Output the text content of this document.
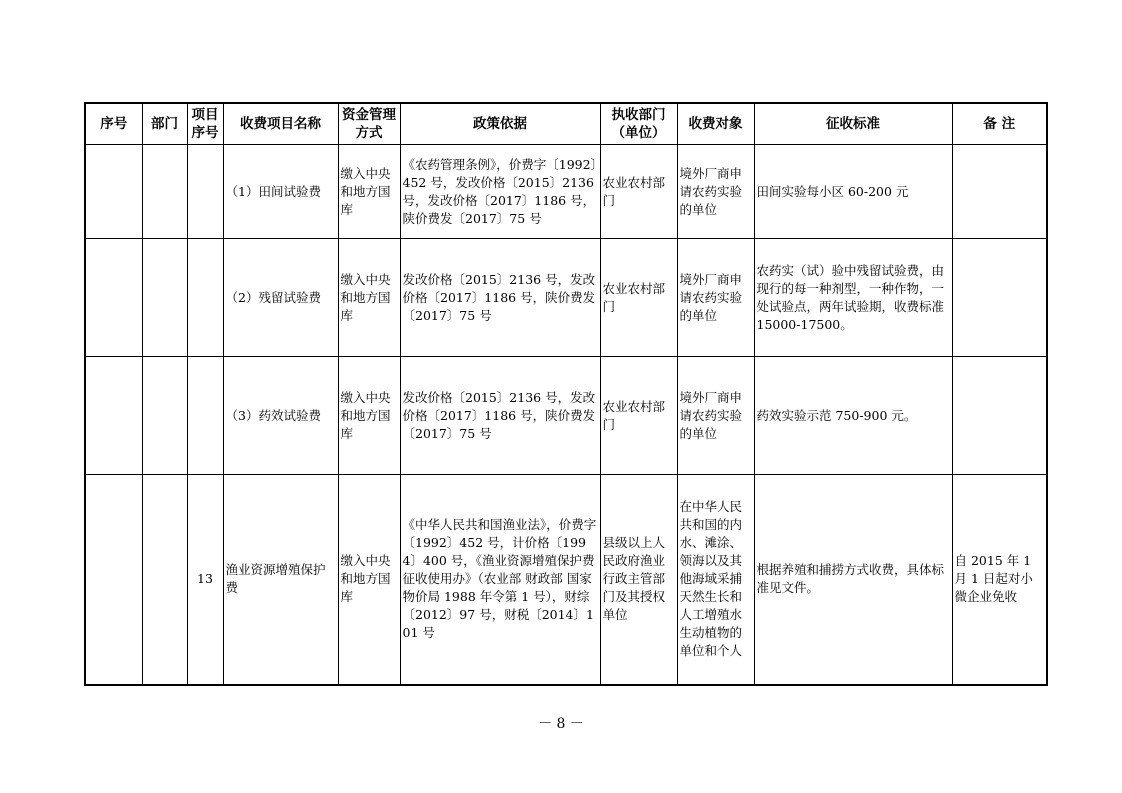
序号	部门	项目序号	收费项目名称	资金管理方式	政策依据	执收部门（单位）	收费对象	征收标准	备 注
			（1）田间试验费	缴入中央和地方国库	《农药管理条例》，价费字〔1992〕452 号，发改价格〔2015〕2136 号，发改价格〔2017〕1186 号，陕价费发〔2017〕75 号	农业农村部门	境外厂商申请农药实验的单位	田间实验每小区 60-200 元	
			（2）残留试验费	缴入中央和地方国库	发改价格〔2015〕2136 号，发改价格〔2017〕1186 号，陕价费发〔2017〕75 号	农业农村部门	境外厂商申请农药实验的单位	农药实（试）验中残留试验费，由现行的每一种剂型，一种作物，一处试验点，两年试验期，收费标准 15000-17500。	
			（3）药效试验费	缴入中央和地方国库	发改价格〔2015〕2136 号，发改价格〔2017〕1186 号，陕价费发〔2017〕75 号	农业农村部门	境外厂商申请农药实验的单位	药效实验示范 750-900 元。	
		13	渔业资源增殖保护费	缴入中央和地方国库	《中华人民共和国渔业法》，价费字〔1992〕452 号，计价格〔1994〕400 号，《渔业资源增殖保护费征收使用办》（农业部 财政部 国家物价局 1988 年令第 1 号），财综〔2012〕97 号，财税〔2014〕101 号	县级以上人民政府渔业行政主管部门及其授权单位	在中华人民共和国的内水、滩涂、领海以及其他海域采捕天然生长和人工增殖水生动植物的单位和个人	根据养殖和捕捞方式收费，具体标准见文件。	自 2015 年 1 月 1 日起对小微企业免收
－ 8 －
